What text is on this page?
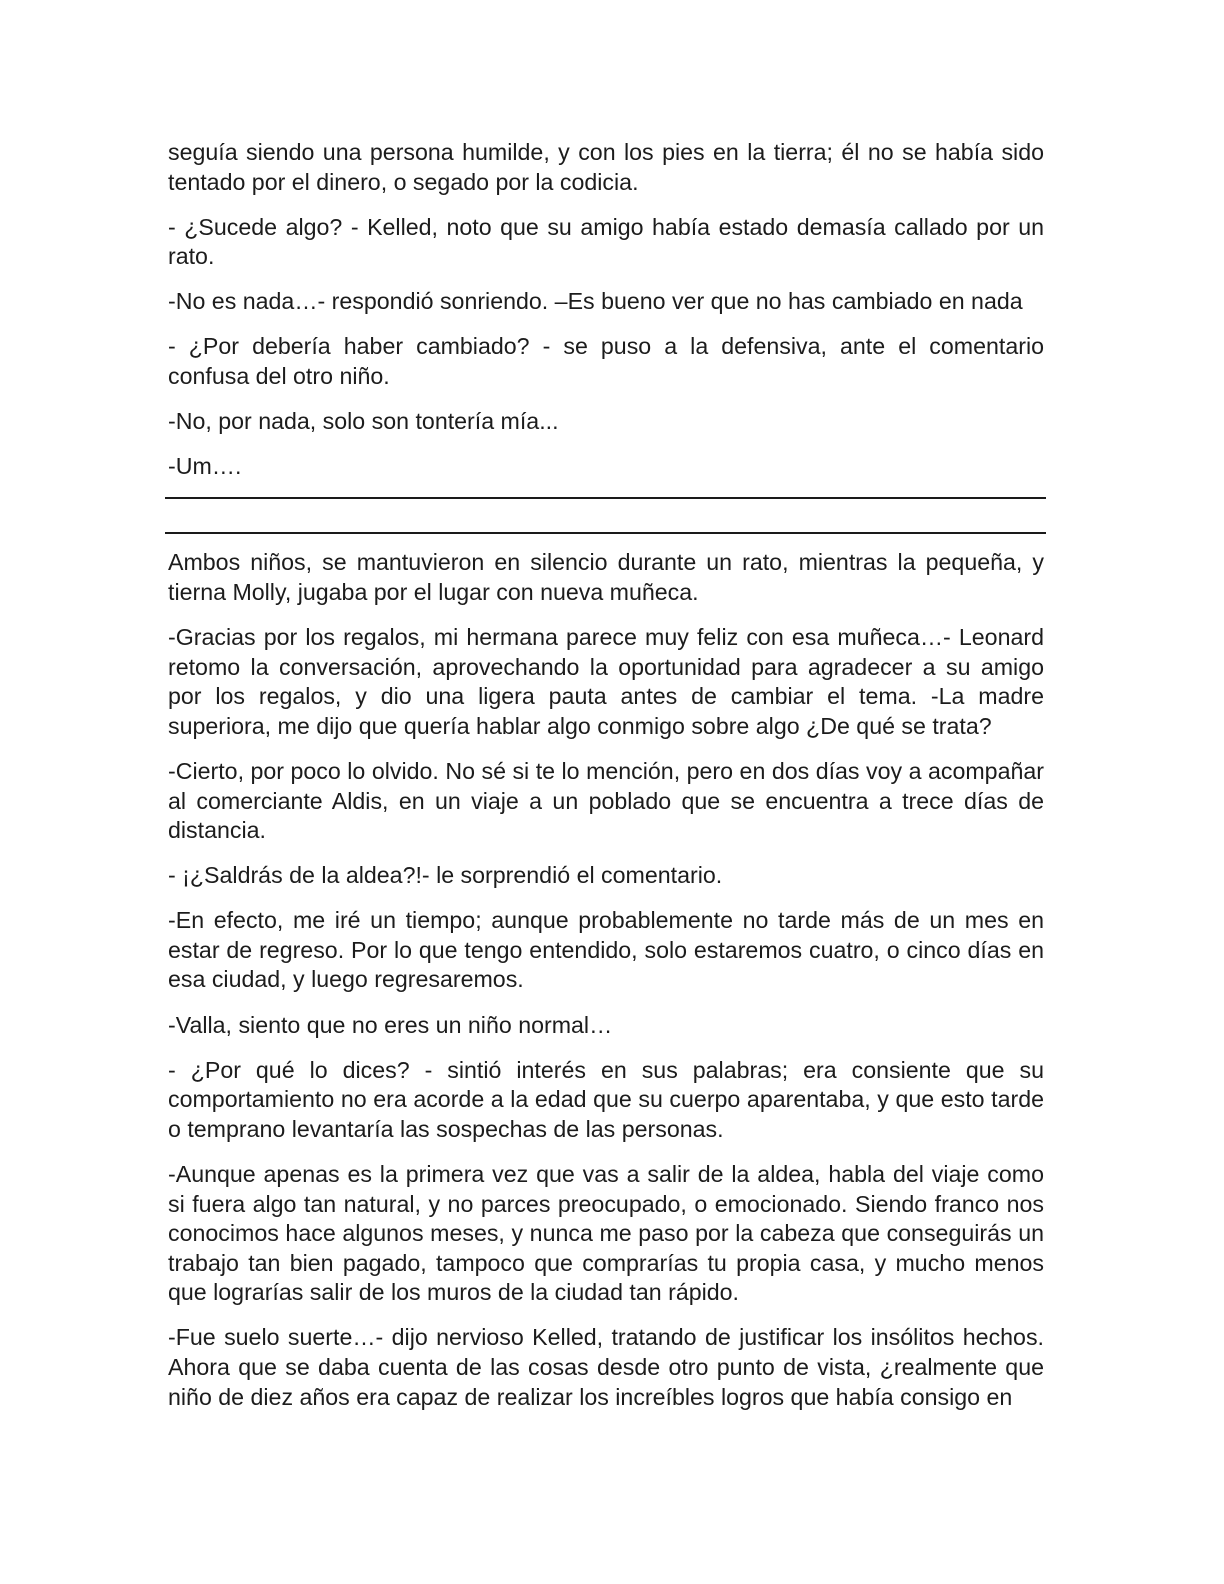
seguía siendo una persona humilde, y con los pies en la tierra; él no se había sido tentado por el dinero, o segado por la codicia.

- ¿Sucede algo? - Kelled, noto que su amigo había estado demasía callado por un rato.

-No es nada…- respondió sonriendo. –Es bueno ver que no has cambiado en nada

- ¿Por debería haber cambiado? - se puso a la defensiva, ante el comentario confusa del otro niño.

-No, por nada, solo son tontería mía...

-Um….

Ambos niños, se mantuvieron en silencio durante un rato, mientras la pequeña, y tierna Molly, jugaba por el lugar con nueva muñeca.

-Gracias por los regalos, mi hermana parece muy feliz con esa muñeca…- Leonard retomo la conversación, aprovechando la oportunidad para agradecer a su amigo por los regalos, y dio una ligera pauta antes de cambiar el tema. -La madre superiora, me dijo que quería hablar algo conmigo sobre algo ¿De qué se trata?

-Cierto, por poco lo olvido. No sé si te lo mención, pero en dos días voy a acompañar al comerciante Aldis, en un viaje a un poblado que se encuentra a trece días de distancia.

- ¡¿Saldrás de la aldea?!- le sorprendió el comentario.

-En efecto, me iré un tiempo; aunque probablemente no tarde más de un mes en estar de regreso. Por lo que tengo entendido, solo estaremos cuatro, o cinco días en esa ciudad, y luego regresaremos.

-Valla, siento que no eres un niño normal…

- ¿Por qué lo dices? - sintió interés en sus palabras; era consiente que su comportamiento no era acorde a la edad que su cuerpo aparentaba, y que esto tarde o temprano levantaría las sospechas de las personas.

-Aunque apenas es la primera vez que vas a salir de la aldea, habla del viaje como si fuera algo tan natural, y no parces preocupado, o emocionado. Siendo franco nos conocimos hace algunos meses, y nunca me paso por la cabeza que conseguirás un trabajo tan bien pagado, tampoco que comprarías tu propia casa, y mucho menos que lograrías salir de los muros de la ciudad tan rápido.

-Fue suelo suerte…- dijo nervioso Kelled, tratando de justificar los insólitos hechos. Ahora que se daba cuenta de las cosas desde otro punto de vista, ¿realmente que niño de diez años era capaz de realizar los increíbles logros que había consigo en
